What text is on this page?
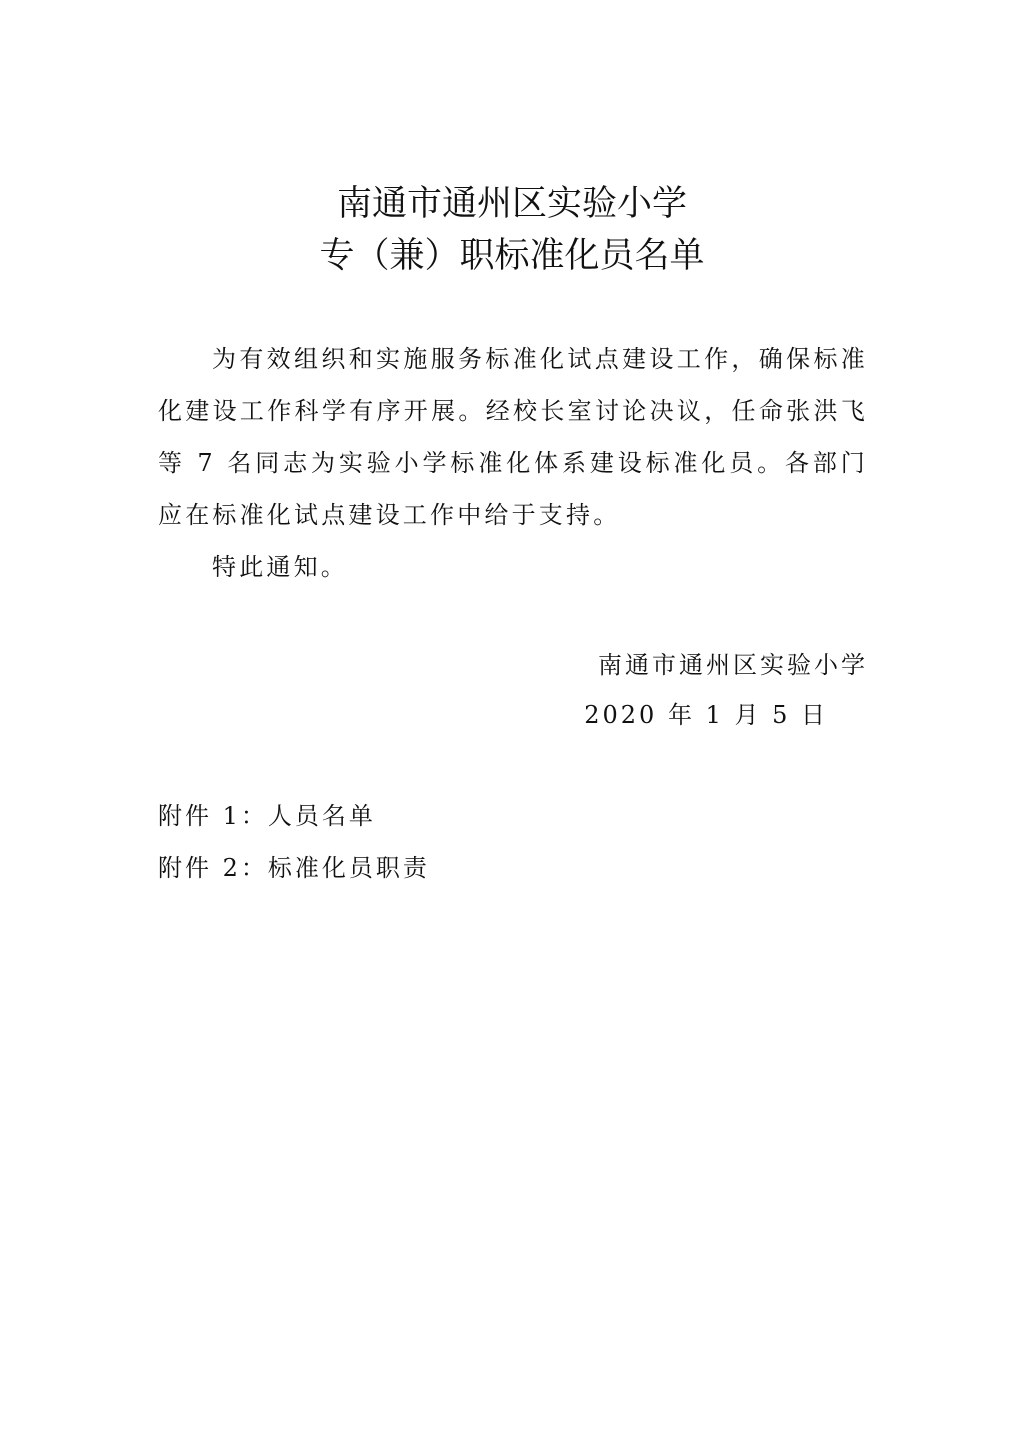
南通市通州区实验小学
专（兼）职标准化员名单

为有效组织和实施服务标准化试点建设工作，确保标准化建设工作科学有序开展。经校长室讨论决议，任命张洪飞等 7 名同志为实验小学标准化体系建设标准化员。各部门应在标准化试点建设工作中给于支持。

特此通知。

南通市通州区实验小学
2020 年 1 月 5 日
附件 1：人员名单
附件 2：标准化员职责
